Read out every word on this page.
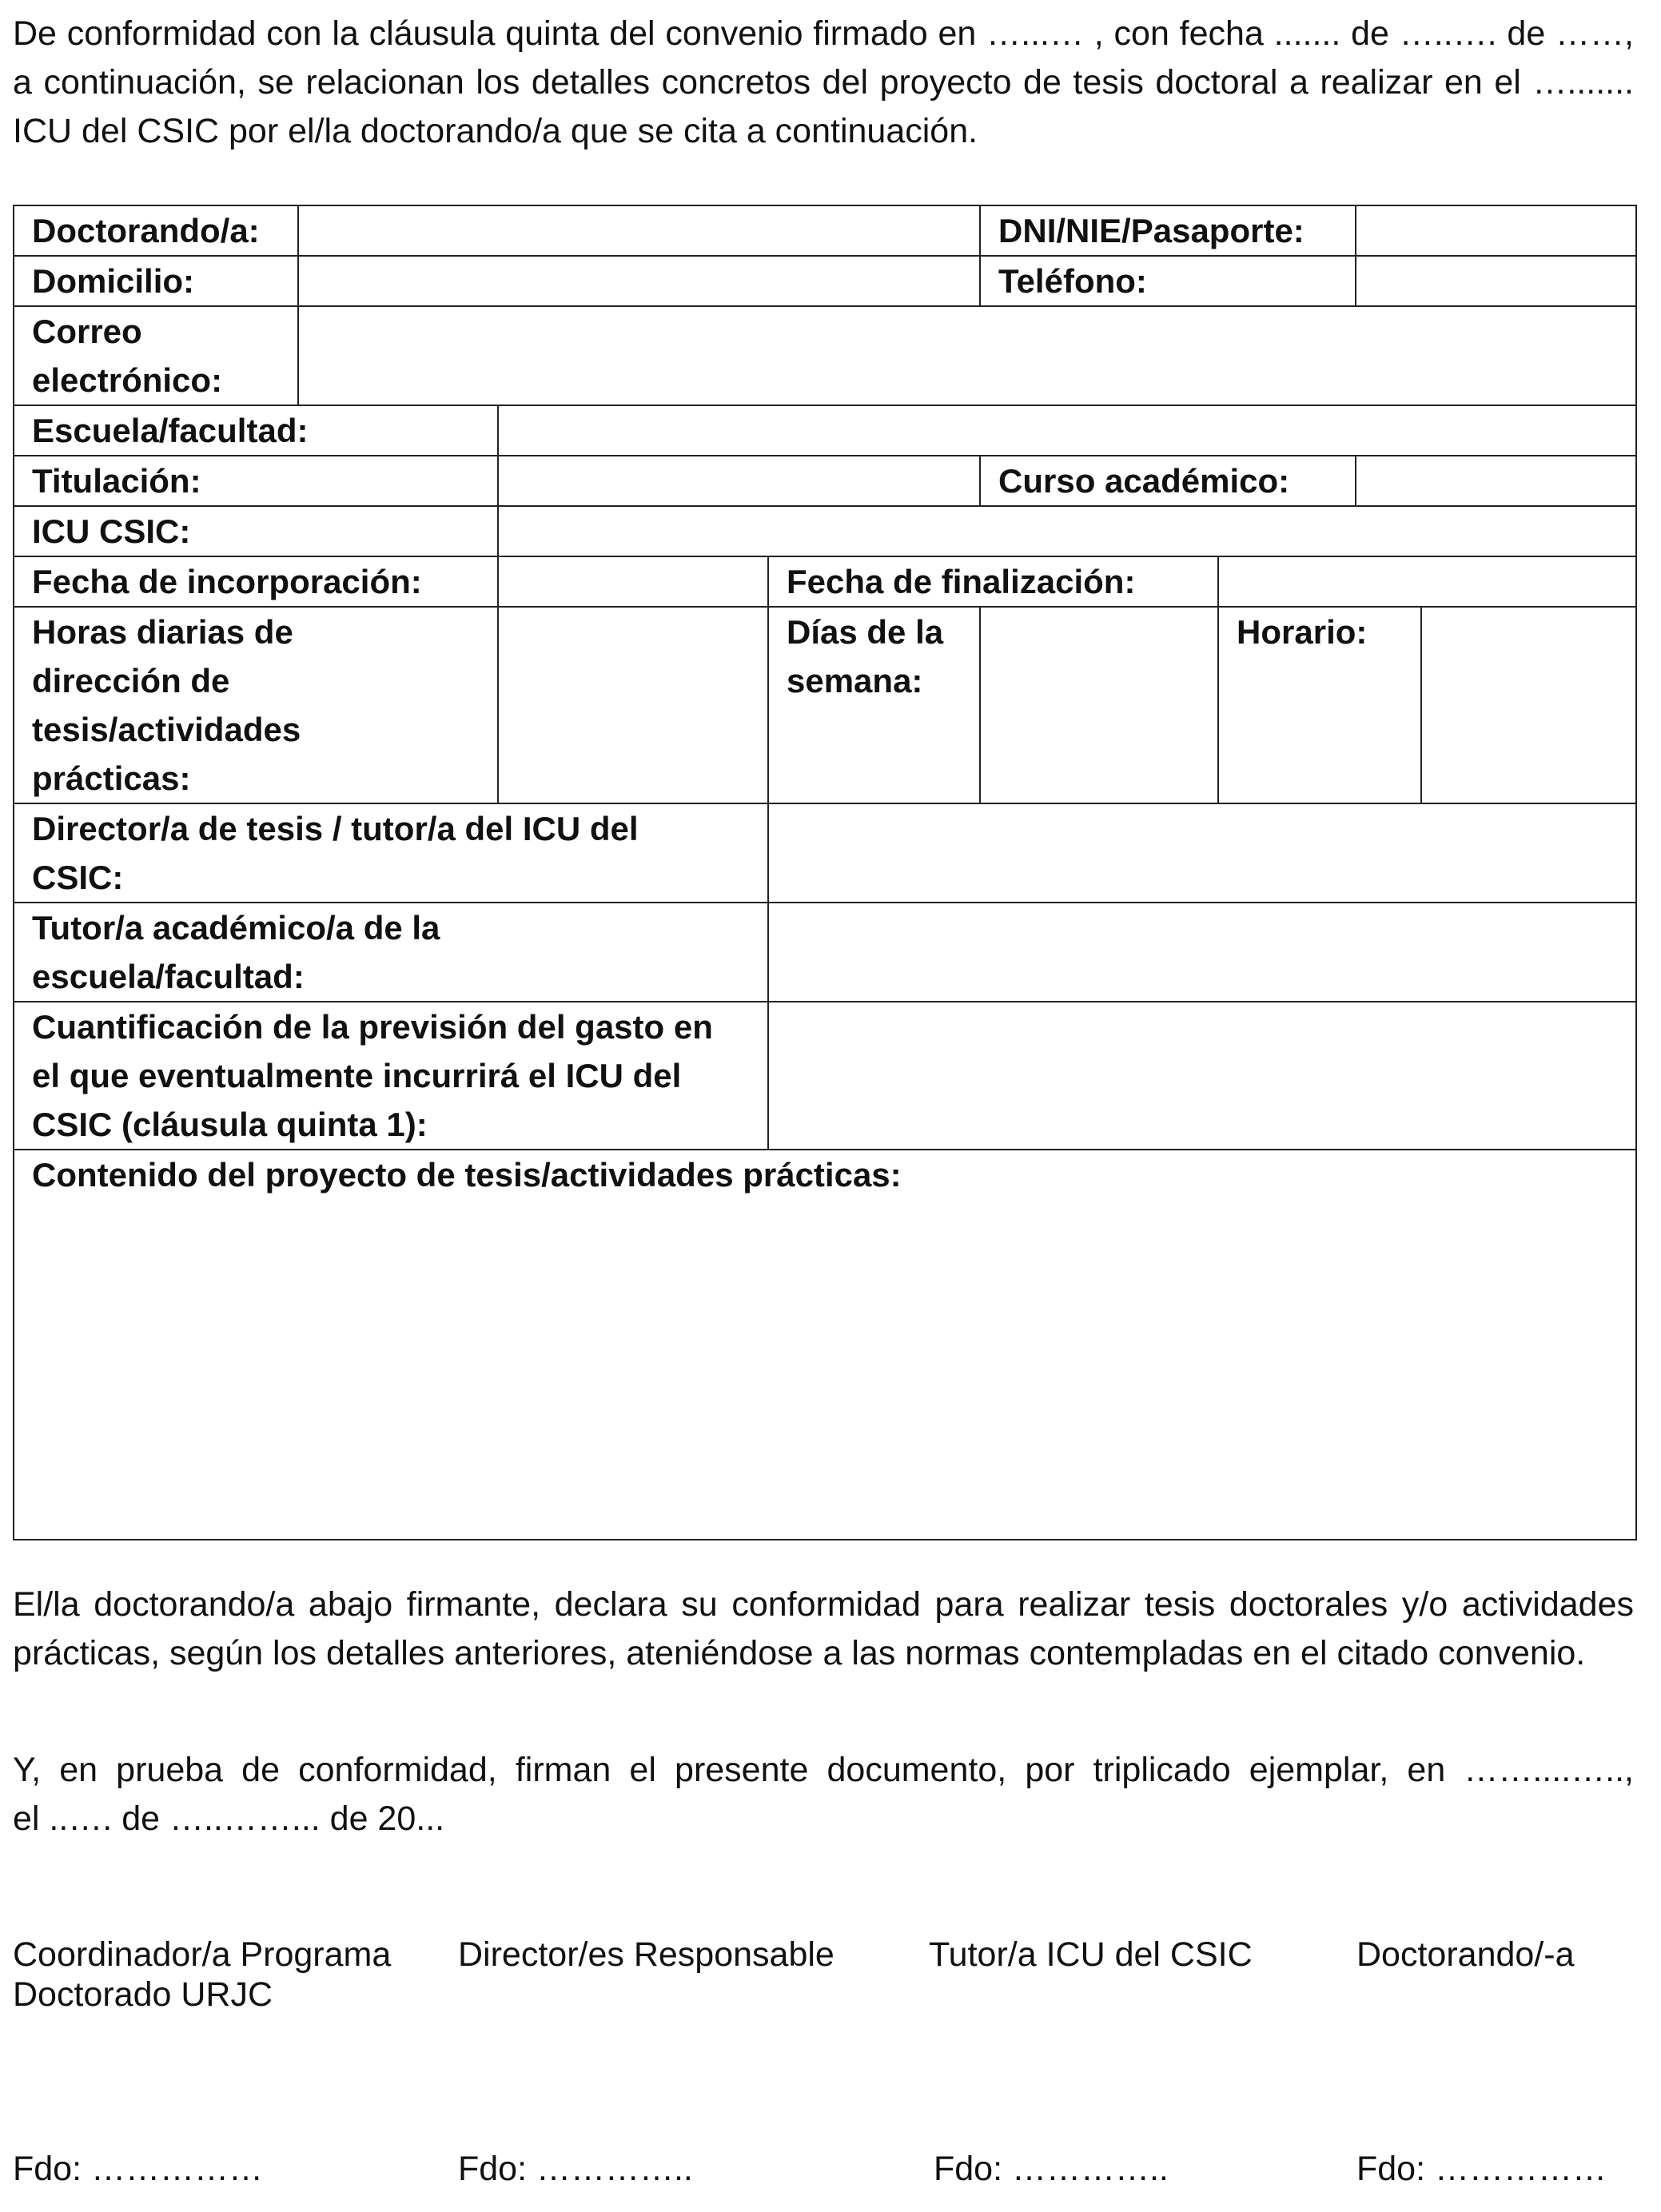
De conformidad con la cláusula quinta del convenio firmado en …...… , con fecha ....... de …..…. de ……, a continuación, se relacionan los detalles concretos del proyecto de tesis doctoral a realizar en el …....... ICU del CSIC por el/la doctorando/a que se cita a continuación.

Doctorando/a:				DNI/NIE/Pasaporte:			
Domicilio:				Teléfono:			

Correo
electrónico:							

Escuela/facultad:							
Titulación:				Curso académico:			
ICU CSIC:							
Fecha de incorporación:			Fecha de finalización:				
Horas diarias de dirección de tesis/actividades prácticas:			Días de la semana:		Horario:		
Director/a de tesis / tutor/a del ICU del CSIC:							
Tutor/a académico/a de la escuela/facultad:							
Cuantificación de la previsión del gasto en el que eventualmente incurrirá el ICU del CSIC (cláusula quinta 1):							
Contenido del proyecto de tesis/actividades prácticas:							

El/la doctorando/a abajo firmante, declara su conformidad para realizar tesis doctorales y/o actividades prácticas, según los detalles anteriores, ateniéndose a las normas contempladas en el citado convenio.

Y, en prueba de conformidad, firman el presente documento, por triplicado ejemplar, en ……....…..,
el ..…. de …..……... de 20...
Coordinador/a Programa
Doctorado URJC
Director/es Responsable	Tutor/a ICU del CSIC	Doctorando/-a
Fdo: ……………	Fdo: …………..	Fdo: …………..	Fdo: ……………
